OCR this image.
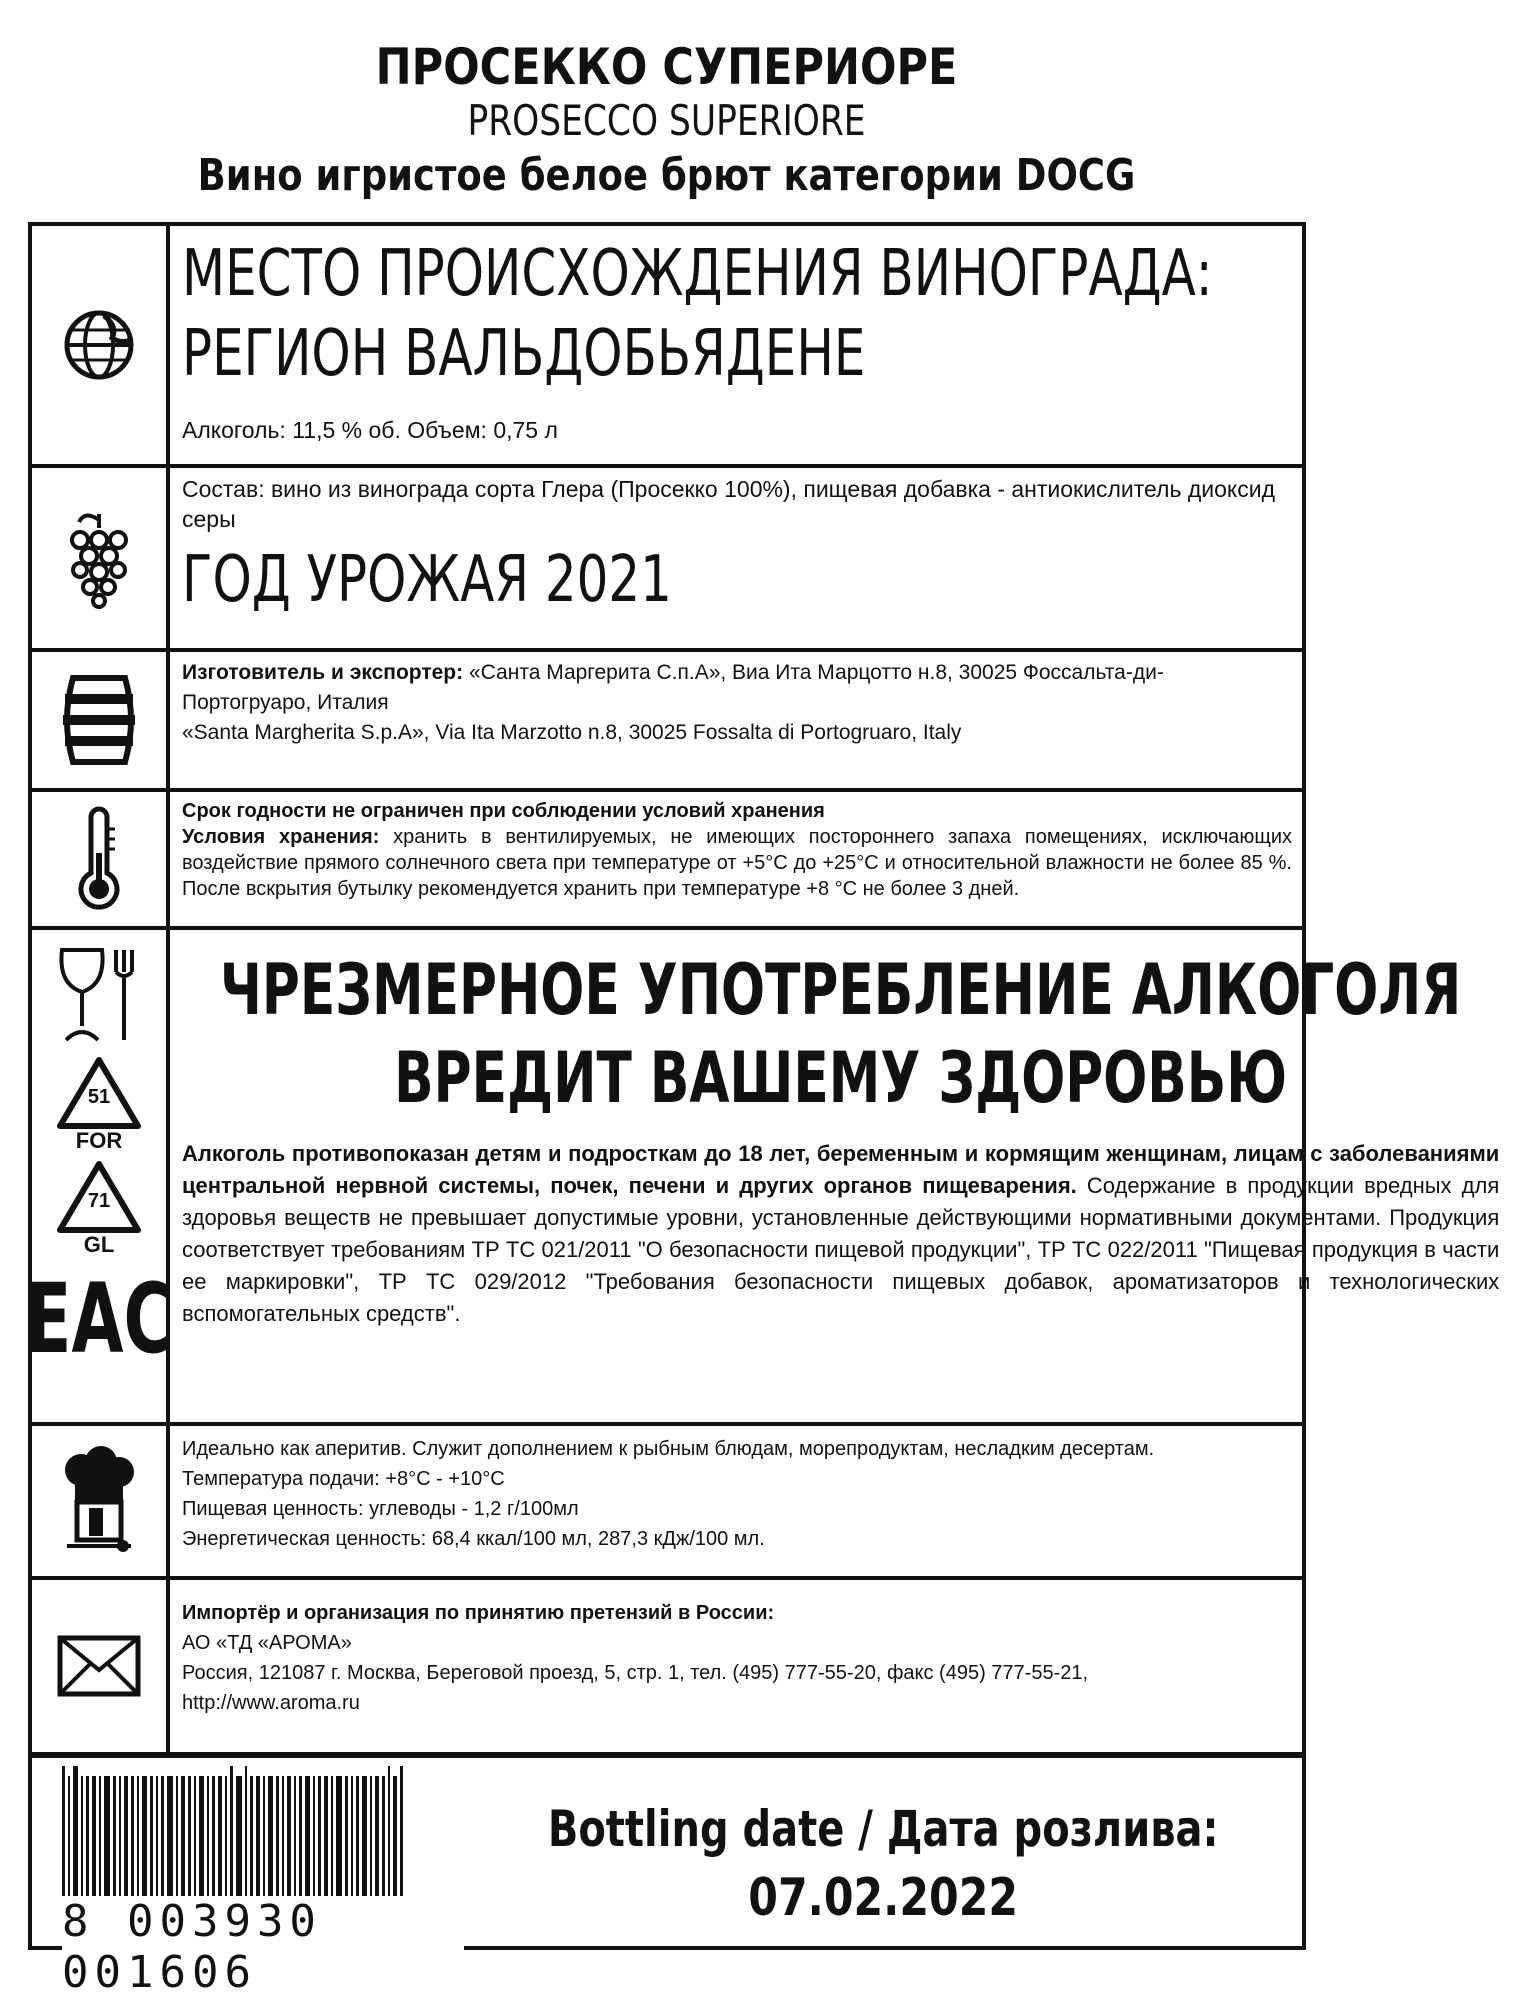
ПРОСЕККО СУПЕРИОРЕ
PROSECCO SUPERIORE
Вино игристое белое брют категории DOCG
МЕСТО ПРОИСХОЖДЕНИЯ ВИНОГРАДА:
РЕГИОН ВАЛЬДОБЬЯДЕНЕ
Алкоголь: 11,5 % об. Объем: 0,75 л
Состав: вино из винограда сорта Глера (Просекко 100%), пищевая добавка - антиокислитель диоксид серы
ГОД УРОЖАЯ 2021
Изготовитель и экспортер: «Санта Маргерита С.п.А», Виа Ита Марцотто н.8, 30025 Фоссальта-ди-Портогруаро, Италия
«Santa Margherita S.p.A», Via Ita Marzotto n.8, 30025 Fossalta di Portogruaro, Italy
Срок годности не ограничен при соблюдении условий хранения
Условия хранения: хранить в вентилируемых, не имеющих постороннего запаха помещениях, исключающих воздействие прямого солнечного света при температуре от +5°С до +25°С и относительной влажности не более 85 %. После вскрытия бутылку рекомендуется хранить при температуре +8 °С не более 3 дней.
51
FOR
71
GL
ЕАС
ЧРЕЗМЕРНОЕ УПОТРЕБЛЕНИЕ АЛКОГОЛЯ
ВРЕДИТ ВАШЕМУ ЗДОРОВЬЮ
Алкоголь противопоказан детям и подросткам до 18 лет, беременным и кормящим женщинам, лицам с заболеваниями центральной нервной системы, почек, печени и других органов пищеварения. Содержание в продукции вредных для здоровья веществ не превышает допустимые уровни, установленные действующими нормативными документами. Продукция соответствует требованиям ТР ТС 021/2011 "О безопасности пищевой продукции", ТР ТС 022/2011 "Пищевая продукция в части ее маркировки", ТР ТС 029/2012 "Требования безопасности пищевых добавок, ароматизаторов и технологических вспомогательных средств".
Идеально как аперитив. Служит дополнением к рыбным блюдам, морепродуктам, несладким десертам.
Температура подачи: +8°С - +10°С
Пищевая ценность: углеводы - 1,2 г/100мл
Энергетическая ценность: 68,4 ккал/100 мл, 287,3 кДж/100 мл.
Импортёр и организация по принятию претензий в России:
АО «ТД «АРОМА»
Россия, 121087 г. Москва, Береговой проезд, 5, стр. 1, тел. (495) 777-55-20, факс (495) 777-55-21,
http://www.aroma.ru
8 003930 001606
Bottling date / Дата розлива:
07.02.2022
